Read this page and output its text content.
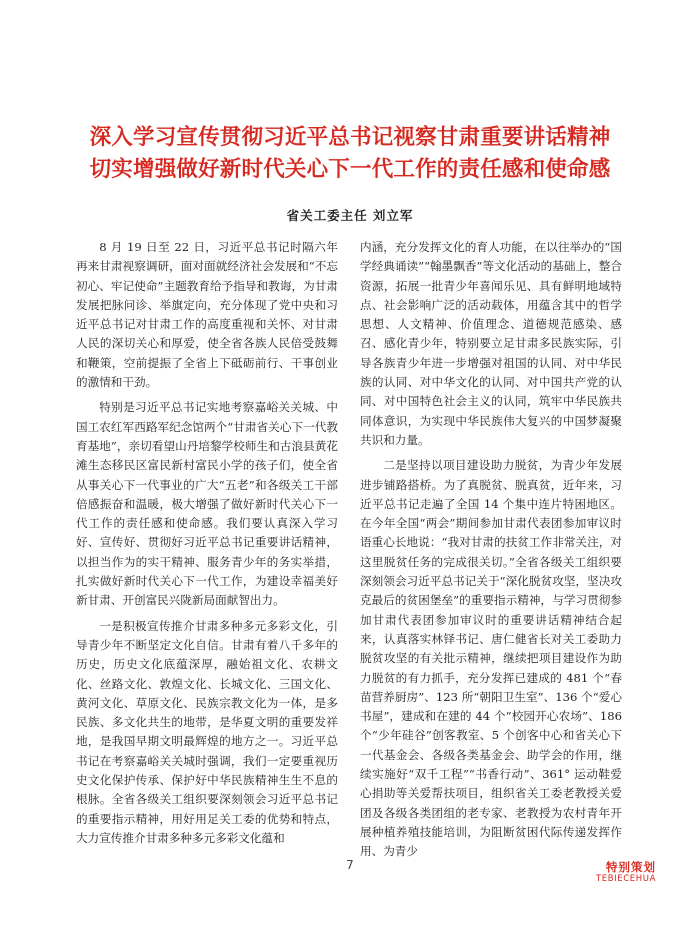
深入学习宣传贯彻习近平总书记视察甘肃重要讲话精神
切实增强做好新时代关心下一代工作的责任感和使命感
省关工委主任 刘立军

8 月 19 日至 22 日，习近平总书记时隔六年再来甘肃视察调研，面对面就经济社会发展和“不忘初心、牢记使命”主题教育给予指导和教诲，为甘肃发展把脉问诊、举旗定向，充分体现了党中央和习近平总书记对甘肃工作的高度重视和关怀、对甘肃人民的深切关心和厚爱，使全省各族人民倍受鼓舞和鞭策，空前提振了全省上下砥砺前行、干事创业的激情和干劲。

特别是习近平总书记实地考察嘉峪关关城、中国工农红军西路军纪念馆两个“甘肃省关心下一代教育基地”，亲切看望山丹培黎学校师生和古浪县黄花滩生态移民区富民新村富民小学的孩子们，使全省从事关心下一代事业的广大“五老”和各级关工干部倍感振奋和温暖，极大增强了做好新时代关心下一代工作的责任感和使命感。我们要认真深入学习好、宣传好、贯彻好习近平总书记重要讲话精神，以担当作为的实干精神、服务青少年的务实举措，扎实做好新时代关心下一代工作，为建设幸福美好新甘肃、开创富民兴陇新局面献智出力。

一是积极宣传推介甘肃多种多元多彩文化，引导青少年不断坚定文化自信。甘肃有着八千多年的历史，历史文化底蕴深厚，融始祖文化、农耕文化、丝路文化、敦煌文化、长城文化、三国文化、黄河文化、草原文化、民族宗教文化为一体，是多民族、多文化共生的地带，是华夏文明的重要发祥地，是我国早期文明最辉煌的地方之一。习近平总书记在考察嘉峪关关城时强调，我们一定要重视历史文化保护传承、保护好中华民族精神生生不息的根脉。全省各级关工组织要深刻领会习近平总书记的重要指示精神，用好用足关工委的优势和特点，大力宣传推介甘肃多种多元多彩文化蕴和

内涵，充分发挥文化的育人功能，在以往举办的“国学经典诵读”“翰墨飘香”等文化活动的基础上，整合资源，拓展一批青少年喜闻乐见、具有鲜明地域特点、社会影响广泛的活动载体，用蕴含其中的哲学思想、人文精神、价值理念、道德规范感染、感召、感化青少年，特别要立足甘肃多民族实际，引导各族青少年进一步增强对祖国的认同、对中华民族的认同、对中华文化的认同、对中国共产党的认同、对中国特色社会主义的认同，筑牢中华民族共同体意识，为实现中华民族伟大复兴的中国梦凝聚共识和力量。

二是坚持以项目建设助力脱贫，为青少年发展进步铺路搭桥。为了真脱贫、脱真贫，近年来，习近平总书记走遍了全国 14 个集中连片特困地区。在今年全国“两会”期间参加甘肃代表团参加审议时语重心长地说：“我对甘肃的扶贫工作非常关注，对这里脱贫任务的完成很关切。”全省各级关工组织要深刻领会习近平总书记关于“深化脱贫攻坚，坚决攻克最后的贫困堡垒”的重要指示精神，与学习贯彻参加甘肃代表团参加审议时的重要讲话精神结合起来，认真落实林铎书记、唐仁健省长对关工委助力脱贫攻坚的有关批示精神，继续把项目建设作为助力脱贫的有力抓手，充分发挥已建成的 481 个“春苗营养厨房”、123 所“朝阳卫生室”、136 个“爱心书屋”，建成和在建的 44 个“校园开心农场”、186 个“少年硅谷”创客教室、5 个创客中心和省关心下一代基金会、各级各类基金会、助学会的作用，继续实施好“双千工程”“书香行动”、361° 运动鞋爱心捐助等关爱帮扶项目，组织省关工委老教授关爱团及各级各类团组的老专家、老教授为农村青年开展种植养殖技能培训，为阻断贫困代际传递发挥作用、为青少

7	特别策划
TEBIECEHUA
